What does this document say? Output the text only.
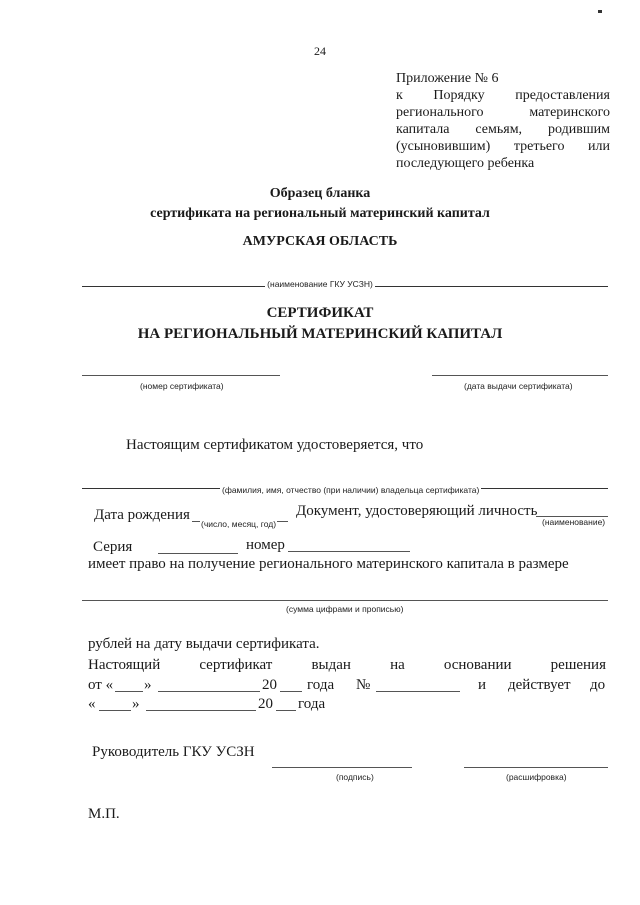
24
Приложение № 6
к Порядку предоставления
регионального	материнского
капитала семьям, родившим
(усыновившим) третьего или
последующего ребенка
Образец бланка
сертификата на региональный материнский капитал
АМУРСКАЯ ОБЛАСТЬ
(наименование ГКУ УСЗН)
СЕРТИФИКАТ
НА РЕГИОНАЛЬНЫЙ МАТЕРИНСКИЙ КАПИТАЛ
(номер сертификата)	(дата выдачи сертификата)
Настоящим сертификатом удостоверяется, что
(фамилия, имя, отчество (при наличии) владельца сертификата)
Дата рождения
(число, месяц, год)
Документ, удостоверяющий личность
(наименование)
Серия	номер
имеет право на получение регионального материнского капитала в размере
(сумма цифрами и прописью)
рублей на дату выдачи сертификата.
Настоящий	сертификат	выдан	на	основании	решения
от « »	20 года №	и действует до
« »	20 года
Руководитель ГКУ УСЗН
(подпись)	(расшифровка)
М.П.
